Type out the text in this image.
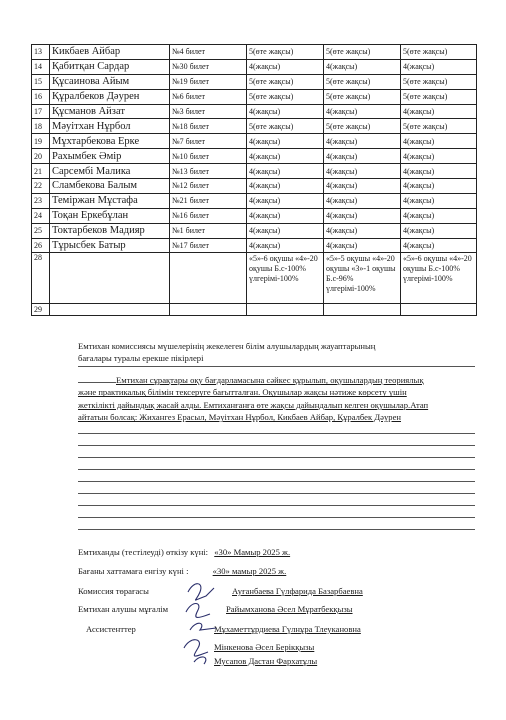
13	Кикбаев Айбар	№4 билет	5(өте жақсы)	5(өте жақсы)	5(өте жақсы)
14	Қабитқан Сардар	№30 билет	4(жақсы)	4(жақсы)	4(жақсы)
15	Құсаинова Айым	№19 билет	5(өте жақсы)	5(өте жақсы)	5(өте жақсы)
16	Құралбеков Дәурен	№6 билет	5(өте жақсы)	5(өте жақсы)	5(өте жақсы)
17	Құсманов Айзат	№3 билет	4(жақсы)	4(жақсы)	4(жақсы)
18	Мәуітхан Нұрбол	№18 билет	5(өте жақсы)	5(өте жақсы)	5(өте жақсы)
19	Мұхтарбекова Ерке	№7 билет	4(жақсы)	4(жақсы)	4(жақсы)
20	Рахымбек Әмір	№10 билет	4(жақсы)	4(жақсы)	4(жақсы)
21	Сарсембі Малика	№13 билет	4(жақсы)	4(жақсы)	4(жақсы)
22	Сламбекова Балым	№12 билет	4(жақсы)	4(жақсы)	4(жақсы)
23	Теміржан Мұстафа	№21 билет	4(жақсы)	4(жақсы)	4(жақсы)
24	Тоқан Еркебұлан	№16 билет	4(жақсы)	4(жақсы)	4(жақсы)
25	Токтарбеков Мадияр	№1 билет	4(жақсы)	4(жақсы)	4(жақсы)
26	Тұрысбек Батыр	№17 билет	4(жақсы)	4(жақсы)	4(жақсы)
28			«5»-6 оқушы «4»-20 оқушы Б.с-100% үлгерімі-100%	«5»-5 оқушы «4»-20 оқушы «3»-1 оқушы Б.с-96% үлгерімі-100%	«5»-6 оқушы «4»-20 оқушы Б.с-100% үлгерімі-100%
29					
Емтихан комиссиясы мүшелерінің жекелеген білім алушылардың жауаптарының бағалары туралы ерекше пікірлері
Емтихан сұрақтары оқу бағдарламасына сәйкес құрылып, оқушылардың теориялық
және практикалық білімін тексеруге бағытталған. Оқушылар жақсы нәтиже көрсету үшін
жеткілікті дайындық жасай алды. Емтиханғанға өте жақсы дайындалып келген оқушылар.Атап
айтатын болсақ: Жихангез Ерасыл, Мәуітхан Нұрбол, Кикбаев Айбар, Құралбек Дәурен
Емтиханды (тестілеуді) өткізу күні: «30» Мамыр 2025 ж.
Бағаны хаттамаға енгізу күні :	«30» мамыр 2025 ж.
Комиссия төрағасы	Ауғанбаева Гүлфарида Базарбаевна
Емтихан алушы мұғалім	Райымханова Әсел Мұратбекқызы
Ассистенттер	Мұхаметтұрдиева Гүлнұра Тлеукановна
Мінкенова Әсел Берікқызы
Мусапов Дастан Фархатұлы
